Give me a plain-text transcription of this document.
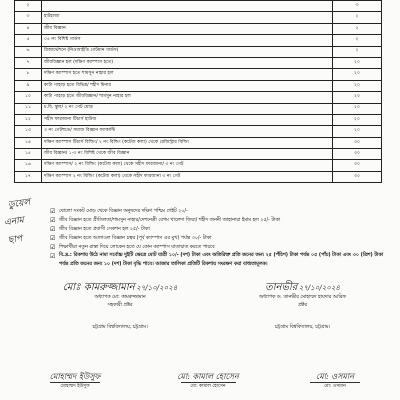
২		৩
৩	হাটহাজা	২
৪	জীব বিজ্ঞান	২
৫	০৫ নং বিশিষ্ট গার্ডস	২
৬	রিজার্ভেশনে (নিওআইডি গেটমান গার্ডস)	২
৭	জীববিজ্ঞান হল (দক্ষিণ ক্যাম্পাস হতে)	২০
৮	দক্ষিণ ক্যাম্পাস হতে শামসুন নাহার হল	২০
৯	কাটা পাহাড় হতে বিভিন্ন/ শহীদ মিনার	২০
১০	কাটা পাহাড় হতে জীববিজ্ঞান/ শামসুন নাহার হল	২০
১১	চ.বি. স্কুল/ ২ নং গেট মোড়	২০
১২	সহীদ ফারজানা টিচার্স হাউজ	২০
১৩	৩ নং গেটহুতে/ সমাজ বিজ্ঞান ফ্যাকাল্টি	২০
১৪	দক্ষিণ ক্যাম্পাস টিচার্স বিল্ডিং/ ২ নং বিল্ডিং (কটেজ কলা) থেকে রেজিস্ট্রার বিল্ডিং	৩০
১৫	জীব বিজ্ঞান/ ১-৩ নং বিশিষ্ট থেকে জীব বিজ্ঞান	৩০
১৬	দক্ষিণ ক্যাম্পাস/ ২ নং বিল্ডিং (কটেজ কলা) থেকে সহীদ ফারজানা/ ৩ নং গেট	৩০
১৭	দক্ষিণ ক্যাম্পাস ২ নং বিল্ডিং (কটেজ কলা) থেকে সহীদ ফারজানা ৩ নং গেট	৩০
ডুয়েল
এনাম
ছাপ
☑ ষোলো সংকট মোড় থেকে বিজ্ঞান অনুষদের দক্ষিণ পশ্চিম গেইট ২০/-
☑ জীব বিজ্ঞান হতে প্রীতিলতা/শামসুন নাহার/দেশনেত্রী বেগম খালেদা জিয়া/ শহীদ জননী জাহানারা ইমাম হল ২৫/- টাকা
☑ জীব বিজ্ঞান হতে প্রবাসী সেকশন হল ২৫/- টাকা
☑ জীব বিজ্ঞান হতে আলাওল বিজ্ঞান চত্বর (পূর্ব ক্যাম্পাস এর মুখ) পর্যন্ত ৩০/- টাকা
☑ শিক্ষার্থীরা নতুন রাস্তা দিয়ে লোকেন হতে যে কোন ক্যাম্পাস যাতায়াত করতে পারবে
☑ বি.দ্র.: রিকশায় উঠে নামা সর্বোচ্চ দুইটি ক্ষেত্রে মোট যাত্রী ১০/- (দশ) টাকা এবং অতিরিক্ত প্রতি জনের জন্য ২৫ (পঁচিশ) টাকা পর্যন্ত ০৫ (পাঁচ) টাকা এবং ৩০ (ত্রিশ) টাকা পর্যন্ত প্রতি জনের জন্য ১০ (দশ) টাকা বৃদ্ধি পাবে। আজার তালিকা প্রতিটি রিকশায় সংরক্ষণ করা বাধ্যতামূলক।
মোঃ কামরুজ্জামান ২৭/১০/২০২৪
অধ্যাপক মো: কামরুজ্জামান
সহকারী প্রক্টর
চট্টগ্রাম বিশ্ববিদ্যালয়, চট্টগ্রাম।
তানভীর ২৭/১০/২০২৪
অধ্যাপক ড. তানভীর মোহাম্মদ হায়দার আরিফ
প্রক্টর
চট্টগ্রাম বিশ্ববিদ্যালয়, চট্টগ্রাম।
মোহাম্মদ ইউসুফ
মোহাম্মদ ইউসুফ
মো: কামাল হোসেন
মো: কামাল হোসেন
মো: ওসমান
মো: ওসমান
